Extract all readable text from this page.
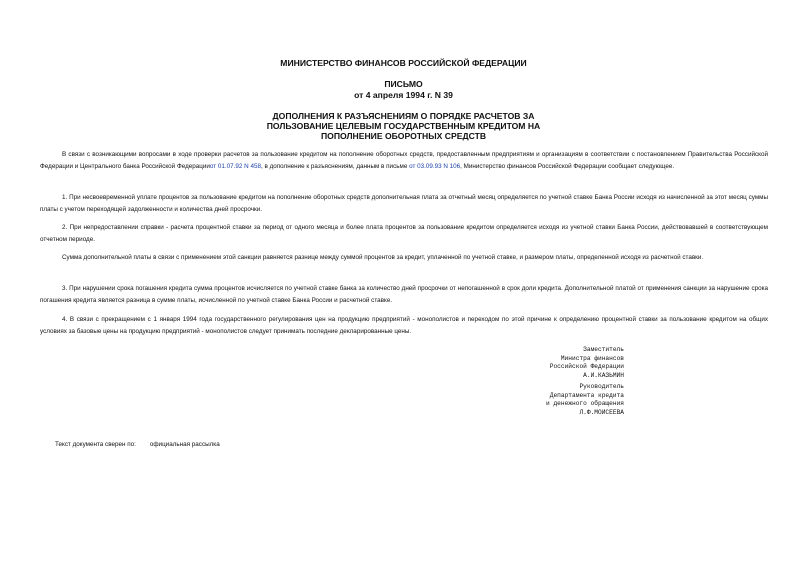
МИНИСТЕРСТВО ФИНАНСОВ РОССИЙСКОЙ ФЕДЕРАЦИИ
ПИСЬМО
от 4 апреля 1994 г. N 39
ДОПОЛНЕНИЯ К РАЗЪЯСНЕНИЯМ О ПОРЯДКЕ РАСЧЕТОВ ЗА
ПОЛЬЗОВАНИЕ ЦЕЛЕВЫМ ГОСУДАРСТВЕННЫМ КРЕДИТОМ НА
ПОПОЛНЕНИЕ ОБОРОТНЫХ СРЕДСТВ

В связи с возникающими вопросами в ходе проверки расчетов за пользование кредитом на пополнение оборотных средств, предоставленным предприятиям и организациям в соответствии с постановлением Правительства Российской Федерации и Центрального банка Российской Федерацииот 01.07.92 N 458, в дополнение к разъяснениям, данным в письме от 03.09.93 N 106, Министерство финансов Российской Федерации сообщает следующее.

1. При несвоевременной уплате процентов за пользование кредитом на пополнение оборотных средств дополнительная плата за отчетный месяц определяется по учетной ставке Банка России исходя из начисленной за этот месяц суммы платы с учетом переходящей задолженности и количества дней просрочки.

2. При непредоставлении справки - расчета процентной ставки за период от одного месяца и более плата процентов за пользование кредитом определяется исходя из учетной ставки Банка России, действовавшей в соответствующем отчетном периоде.

Сумма дополнительной платы в связи с применением этой санкции равняется разнице между суммой процентов за кредит, уплаченной по учетной ставке, и размером платы, определенной исходя из расчетной ставки.

3. При нарушении срока погашения кредита сумма процентов исчисляется по учетной ставке банка за количество дней просрочки от непогашенной в срок доли кредита. Дополнительной платой от применения санкции за нарушение срока погашения кредита является разница в сумме платы, исчисленной по учетной ставке Банка России и расчетной ставке.

4. В связи с прекращением с 1 января 1994 года государственного регулирования цен на продукцию предприятий - монополистов и переходом по этой причине к определению процентной ставки за пользование кредитом на общих условиях за базовые цены на продукцию предприятий - монополистов следует принимать последние декларированные цены.

Заместитель
Министра финансов
Российской Федерации
А.И.КАЗЬМИН
Руководитель
Департамента кредита
и денежного обращения
Л.Ф.МОИСЕЕВА
Текст документа сверен по: официальная рассылка
